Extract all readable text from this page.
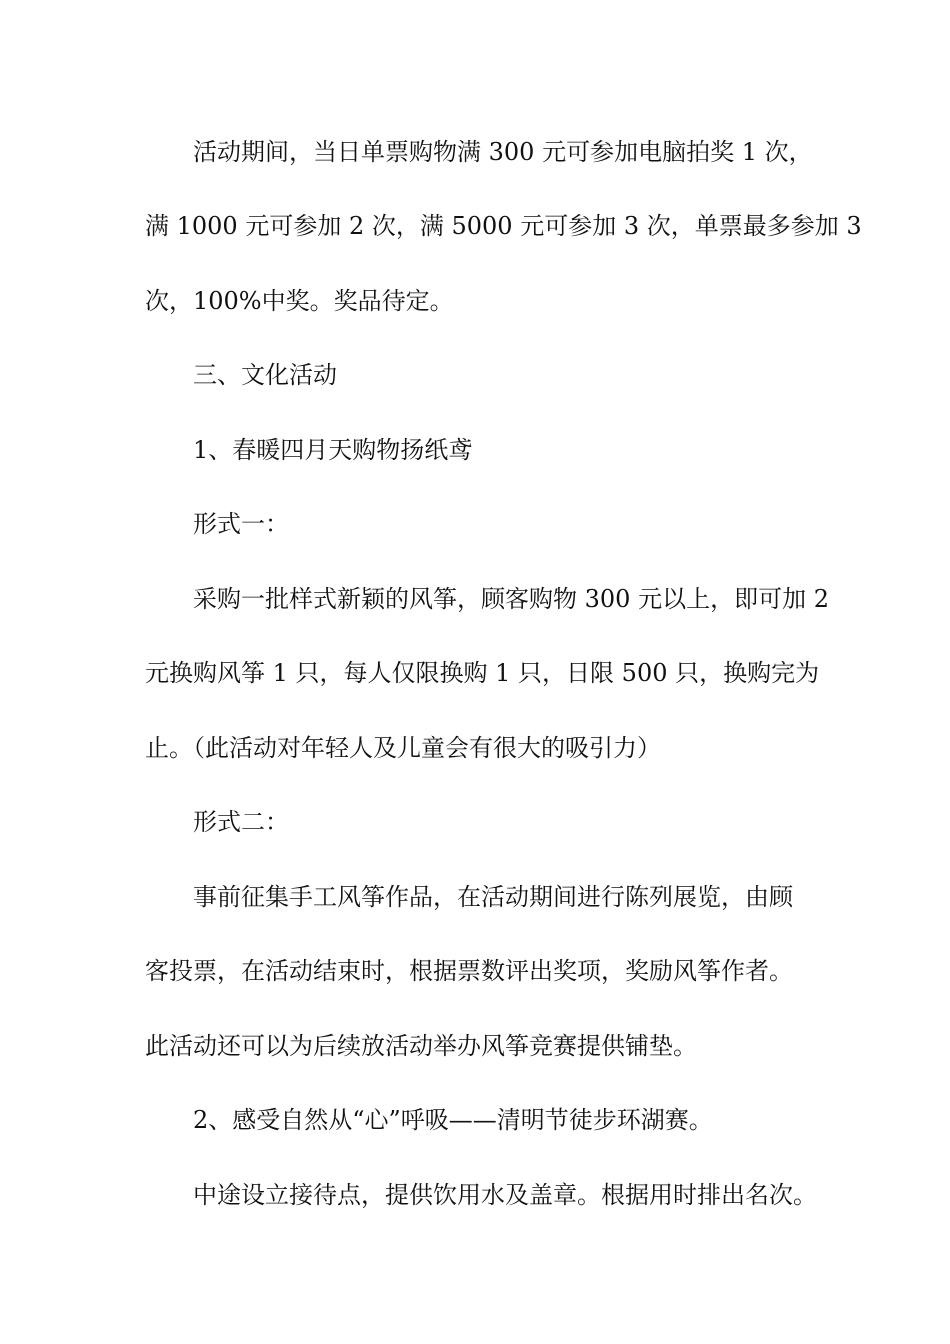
活动期间，当日单票购物满 300 元可参加电脑拍奖 1 次，

满 1000 元可参加 2 次，满 5000 元可参加 3 次，单票最多参加 3

次，100%中奖。奖品待定。

三、文化活动

1、春暖四月天购物扬纸鸢

形式一：

采购一批样式新颖的风筝，顾客购物 300 元以上，即可加 2

元换购风筝 1 只，每人仅限换购 1 只，日限 500 只，换购完为

止。（此活动对年轻人及儿童会有很大的吸引力）

形式二：

事前征集手工风筝作品，在活动期间进行陈列展览，由顾

客投票，在活动结束时，根据票数评出奖项，奖励风筝作者。

此活动还可以为后续放活动举办风筝竞赛提供铺垫。

2、感受自然从“心”呼吸——清明节徒步环湖赛。

中途设立接待点，提供饮用水及盖章。根据用时排出名次。
